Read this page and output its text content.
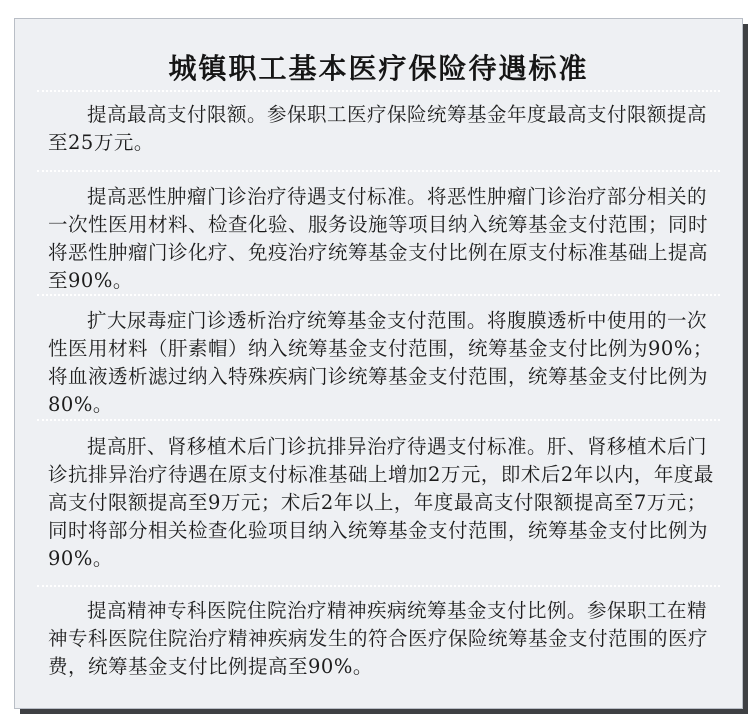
城镇职工基本医疗保险待遇标准

提高最高支付限额。参保职工医疗保险统筹基金年度最高支付限额提高至25万元。

提高恶性肿瘤门诊治疗待遇支付标准。将恶性肿瘤门诊治疗部分相关的一次性医用材料、检查化验、服务设施等项目纳入统筹基金支付范围；同时将恶性肿瘤门诊化疗、免疫治疗统筹基金支付比例在原支付标准基础上提高至90%。

扩大尿毒症门诊透析治疗统筹基金支付范围。将腹膜透析中使用的一次性医用材料（肝素帽）纳入统筹基金支付范围，统筹基金支付比例为90%；将血液透析滤过纳入特殊疾病门诊统筹基金支付范围，统筹基金支付比例为80%。

提高肝、肾移植术后门诊抗排异治疗待遇支付标准。肝、肾移植术后门诊抗排异治疗待遇在原支付标准基础上增加2万元，即术后2年以内，年度最高支付限额提高至9万元；术后2年以上，年度最高支付限额提高至7万元；同时将部分相关检查化验项目纳入统筹基金支付范围，统筹基金支付比例为90%。

提高精神专科医院住院治疗精神疾病统筹基金支付比例。参保职工在精神专科医院住院治疗精神疾病发生的符合医疗保险统筹基金支付范围的医疗费，统筹基金支付比例提高至90%。
